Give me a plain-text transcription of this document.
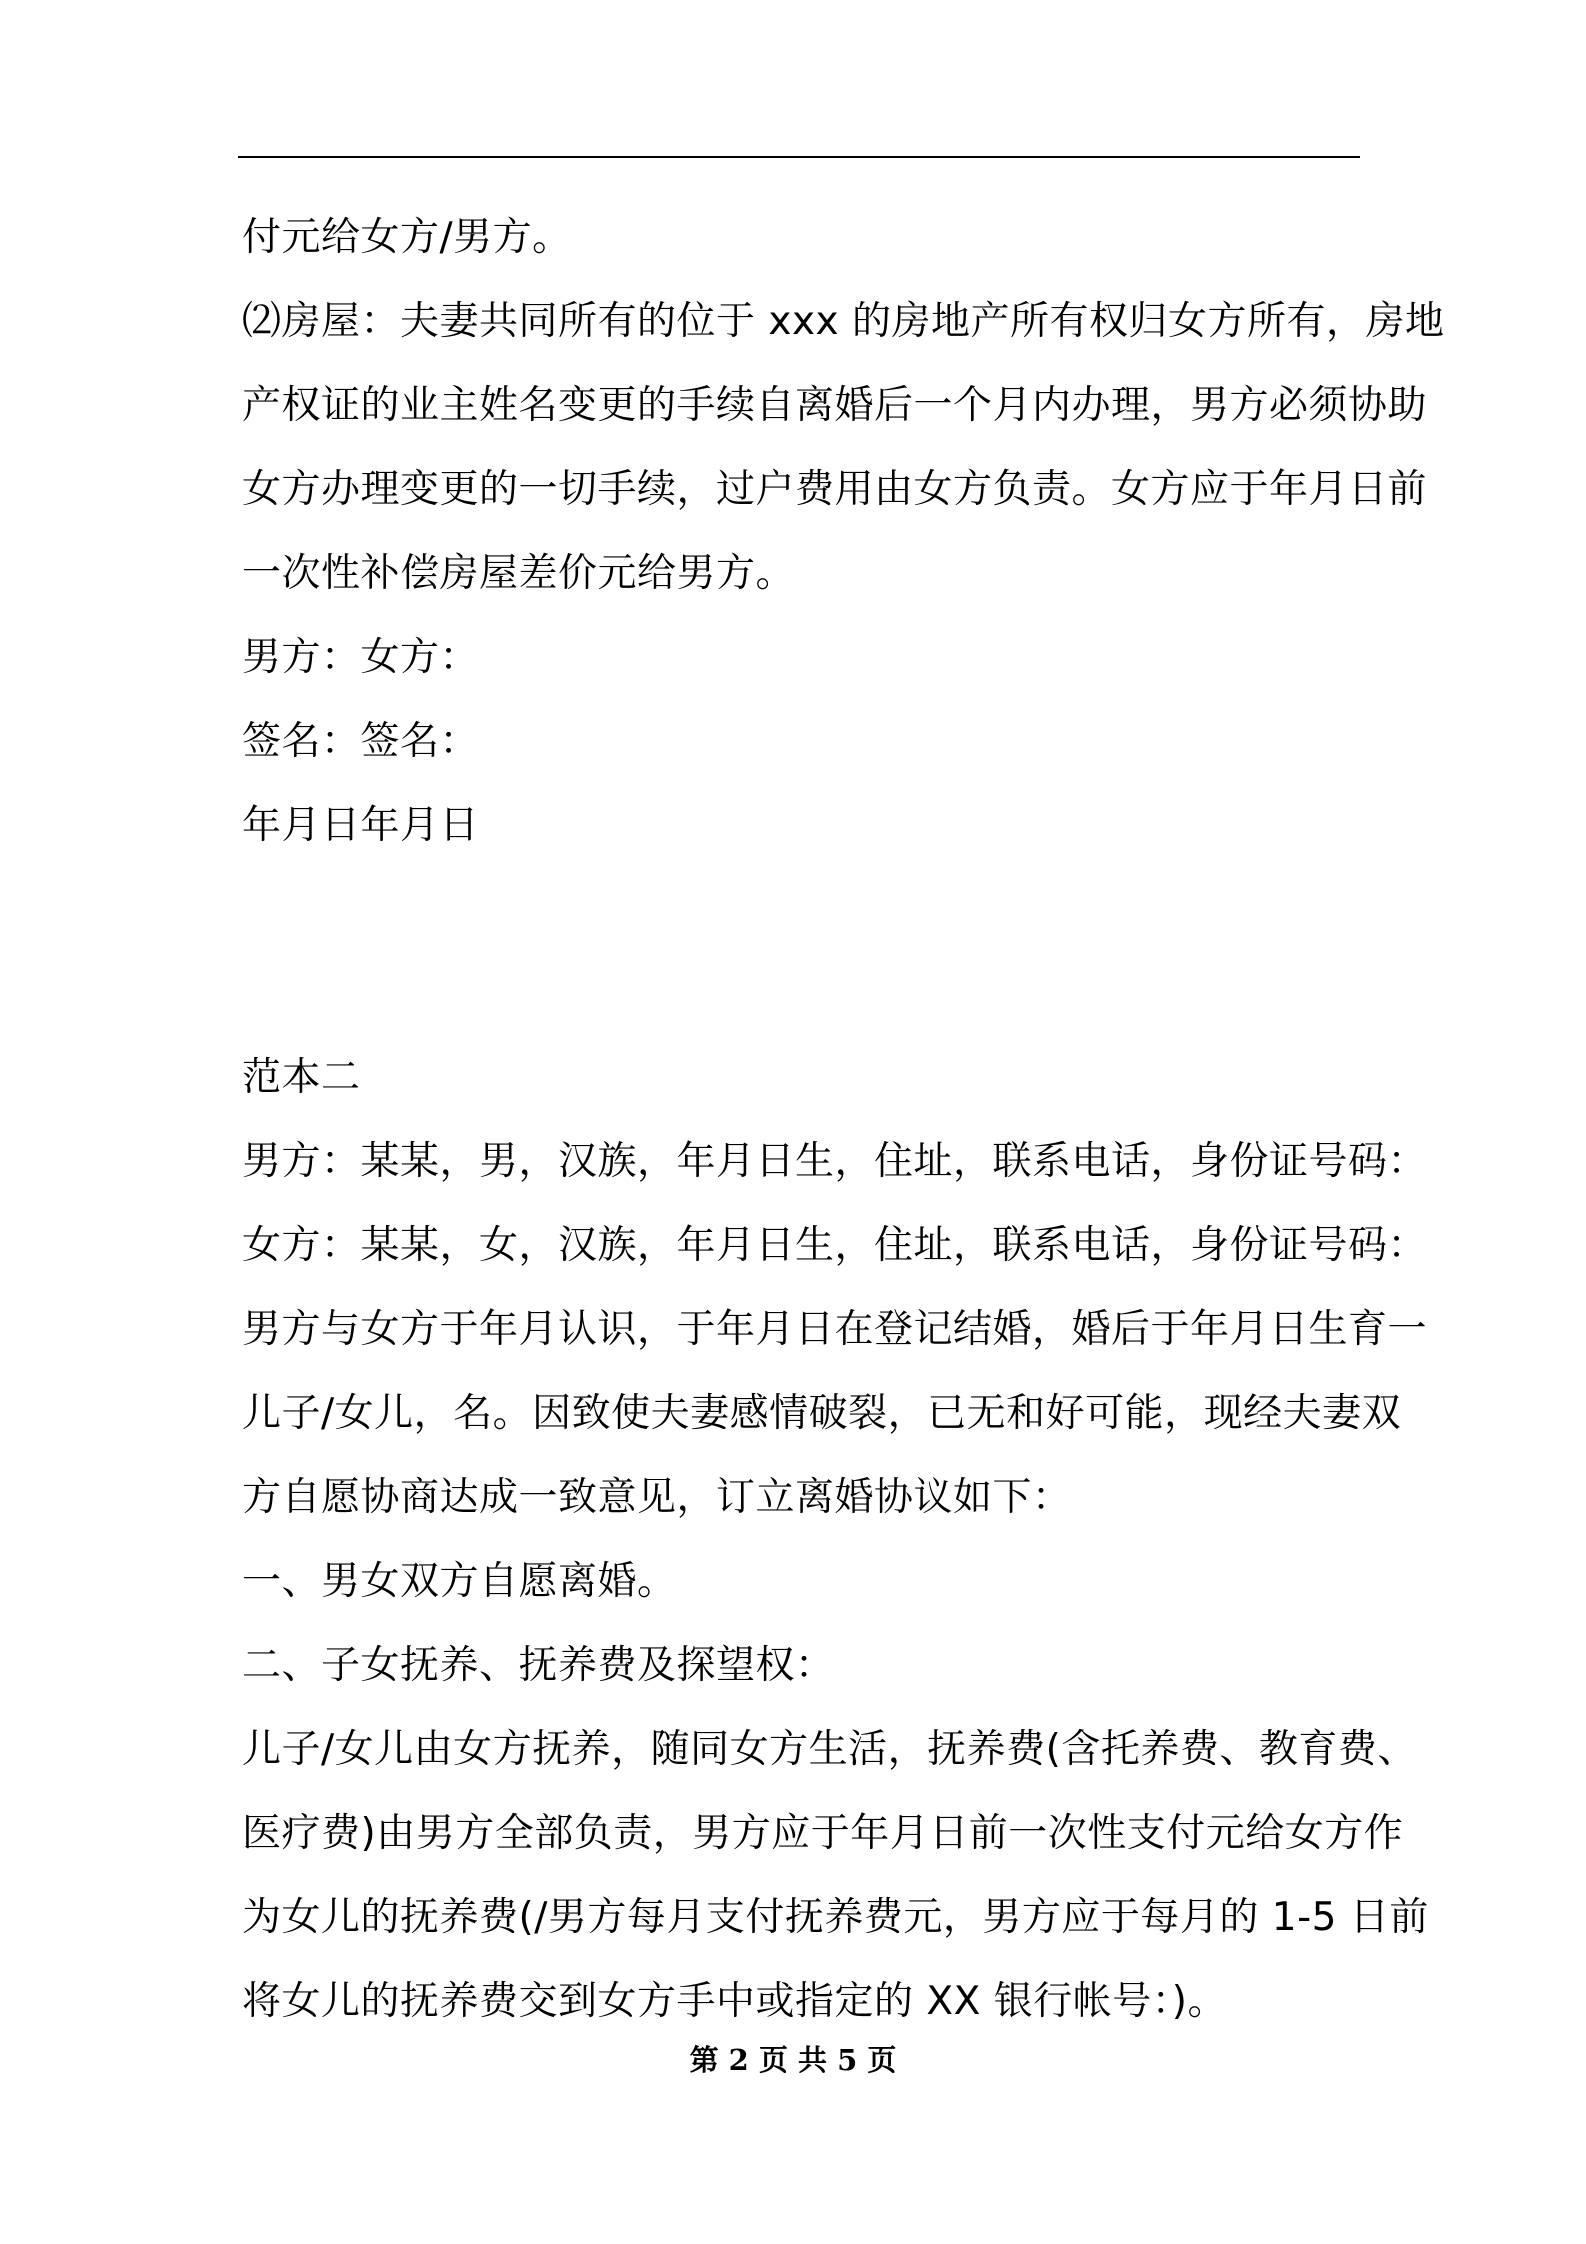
付元给女方/男方。
⑵房屋：夫妻共同所有的位于 xxx 的房地产所有权归女方所有，房地
产权证的业主姓名变更的手续自离婚后一个月内办理，男方必须协助
女方办理变更的一切手续，过户费用由女方负责。女方应于年月日前
一次性补偿房屋差价元给男方。
男方：女方：
签名：签名：
年月日年月日
范本二
男方：某某，男，汉族，年月日生，住址，联系电话，身份证号码：
女方：某某，女，汉族，年月日生，住址，联系电话，身份证号码：
男方与女方于年月认识，于年月日在登记结婚，婚后于年月日生育一
儿子/女儿，名。因致使夫妻感情破裂，已无和好可能，现经夫妻双
方自愿协商达成一致意见，订立离婚协议如下：
一、男女双方自愿离婚。
二、子女抚养、抚养费及探望权：
儿子/女儿由女方抚养，随同女方生活，抚养费(含托养费、教育费、
医疗费)由男方全部负责，男方应于年月日前一次性支付元给女方作
为女儿的抚养费(/男方每月支付抚养费元，男方应于每月的 1-5 日前
将女儿的抚养费交到女方手中或指定的 XX 银行帐号：)。
第 2 页 共 5 页
